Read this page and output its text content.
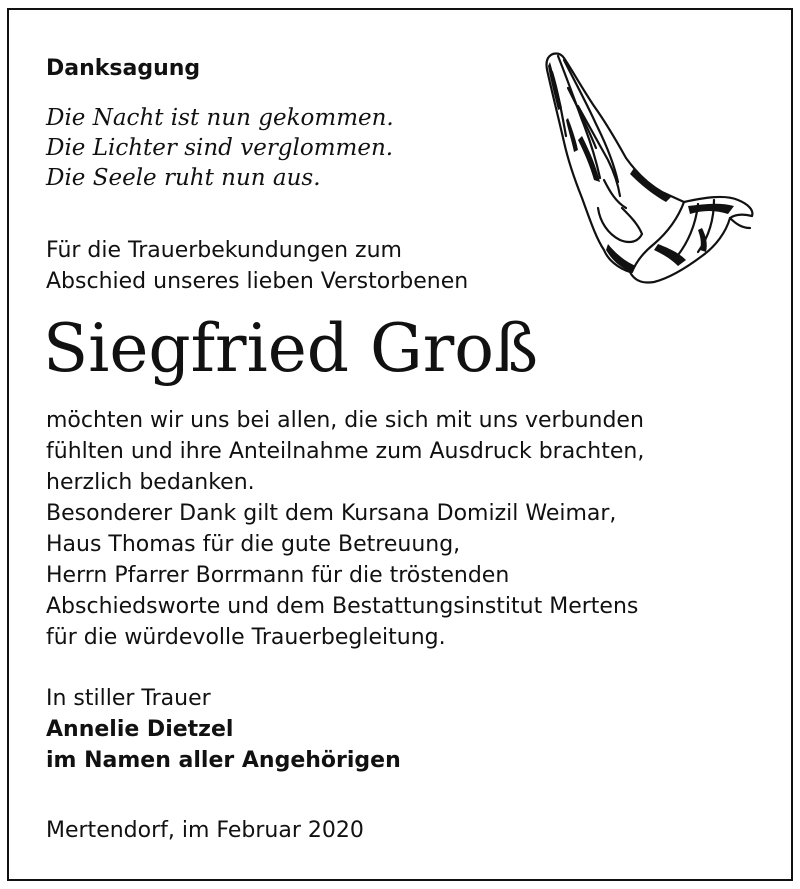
Danksagung
Die Nacht ist nun gekommen.
Die Lichter sind verglommen.
Die Seele ruht nun aus.
Für die Trauerbekundungen zum
Abschied unseres lieben Verstorbenen
Siegfried Groß
möchten wir uns bei allen, die sich mit uns verbunden
fühlten und ihre Anteilnahme zum Ausdruck brachten,
herzlich bedanken.
Besonderer Dank gilt dem Kursana Domizil Weimar,
Haus Thomas für die gute Betreuung,
Herrn Pfarrer Borrmann für die tröstenden
Abschiedsworte und dem Bestattungsinstitut Mertens
für die würdevolle Trauerbegleitung.
In stiller Trauer
Annelie Dietzel
im Namen aller Angehörigen
Mertendorf, im Februar 2020
